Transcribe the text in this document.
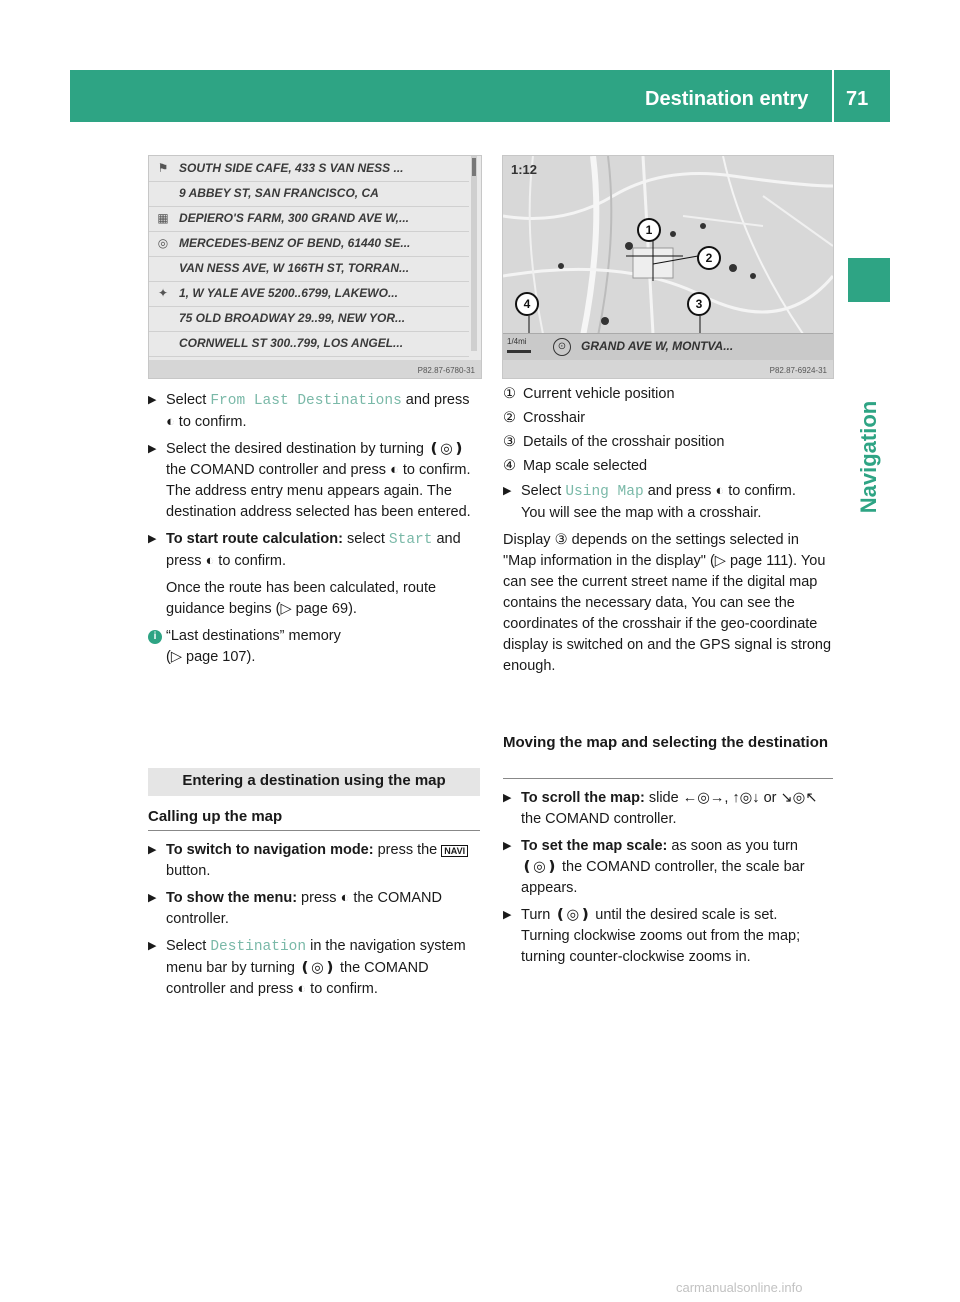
Destination entry 71
Navigation
⚑ SOUTH SIDE CAFE, 433 S VAN NESS ...
9 ABBEY ST, SAN FRANCISCO, CA
▦ DEPIERO'S FARM, 300 GRAND AVE W,...
◎ MERCEDES-BENZ OF BEND, 61440 SE...
VAN NESS AVE, W 166TH ST, TORRAN...
✦ 1, W YALE AVE 5200..6799, LAKEWO...
75 OLD BROADWAY 29..99, NEW YOR...
CORNWELL ST 300..799, LOS ANGEL...
P82.87-6780-31
1:12
1
2
3
4
1/4mi	⊙	GRAND AVE W, MONTVA...
P82.87-6924-31
▶ Select From Last Destinations and press ◐ to confirm.
▶ Select the desired destination by turning ❪◎❫ the COMAND controller and press ◐ to confirm.

The address entry menu appears again. The destination address selected has been entered.

▶ To start route calculation: select Start and press ◐ to confirm.

Once the route has been calculated, route guidance begins (▷ page 69).

i “Last destinations” memory

(▷ page 107).

Entering a destination using the map
Calling up the map
▶ To switch to navigation mode: press the NAVI button.
▶ To show the menu: press ◐ the COMAND controller.
▶ Select Destination in the navigation system menu bar by turning ❪◎❫ the COMAND controller and press ◐ to confirm.
① Current vehicle position
② Crosshair
③ Details of the crosshair position
④ Map scale selected
▶ Select Using Map and press ◐ to confirm.

You will see the map with a crosshair.

Display ③ depends on the settings selected in "Map information in the display" (▷ page 111). You can see the current street name if the digital map contains the necessary data, You can see the coordinates of the crosshair if the geo-coordinate display is switched on and the GPS signal is strong enough.

Moving the map and selecting the destination
▶ To scroll the map: slide ←◎→, ↑◎↓ or ↘◎↖ the COMAND controller.
▶ To set the map scale: as soon as you turn ❪◎❫ the COMAND controller, the scale bar appears.
▶ Turn ❪◎❫ until the desired scale is set.

Turning clockwise zooms out from the map; turning counter-clockwise zooms in.

carmanualsonline.info
